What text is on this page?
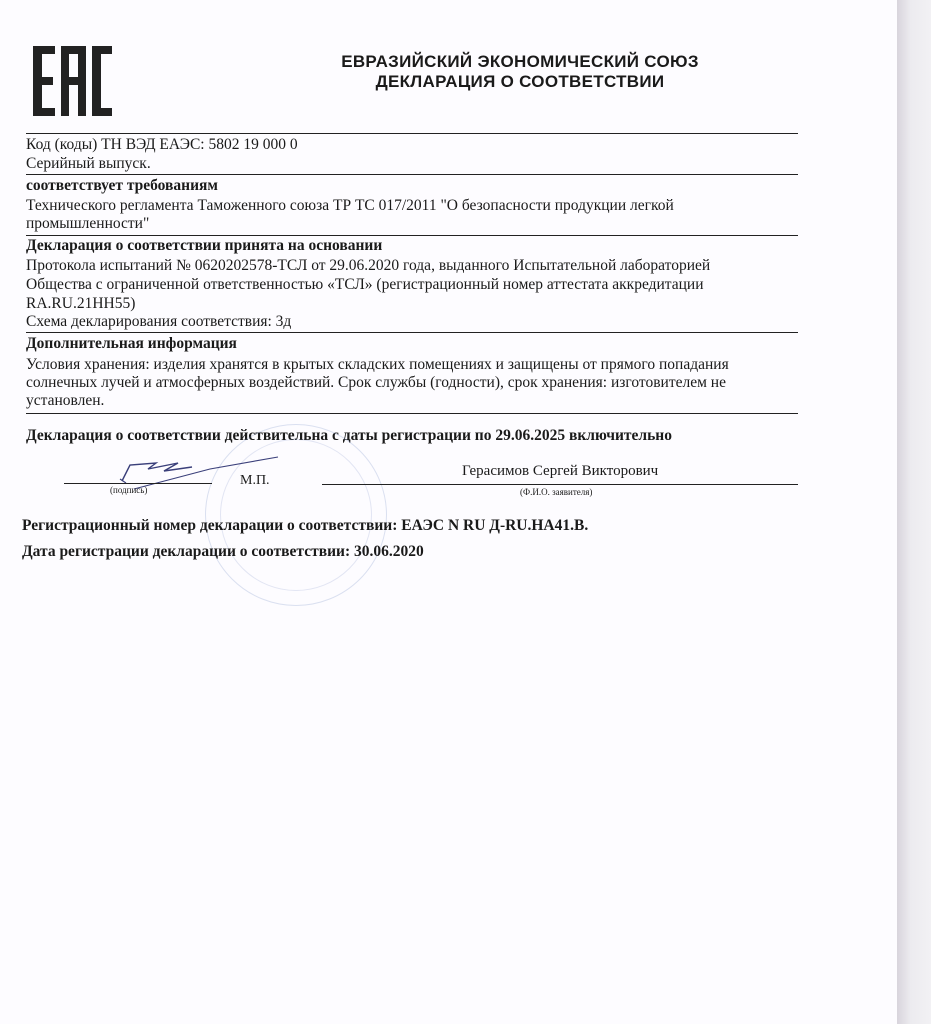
ЕВРАЗИЙСКИЙ ЭКОНОМИЧЕСКИЙ СОЮЗ
ДЕКЛАРАЦИЯ О СООТВЕТСТВИИ
Код (коды) ТН ВЭД ЕАЭС: 5802 19 000 0
Серийный выпуск.
соответствует требованиям
Технического регламента Таможенного союза ТР ТС 017/2011 "О безопасности продукции легкой
промышленности"
Декларация о соответствии принята на основании
Протокола испытаний № 0620202578-ТСЛ от 29.06.2020 года, выданного Испытательной лабораторией
Общества с ограниченной ответственностью «ТСЛ» (регистрационный номер аттестата аккредитации
RA.RU.21НН55)
Схема декларирования соответствия: 3д
Дополнительная информация
Условия хранения: изделия хранятся в крытых складских помещениях и защищены от прямого попадания
солнечных лучей и атмосферных воздействий. Срок службы (годности), срок хранения: изготовителем не
установлен.
Декларация о соответствии действительна с даты регистрации по 29.06.2025 включительно
(подпись)
М.П.
Герасимов Сергей Викторович
(Ф.И.О. заявителя)
Регистрационный номер декларации о соответствии: ЕАЭС N RU Д-RU.НА41.В.
Дата регистрации декларации о соответствии: 30.06.2020
